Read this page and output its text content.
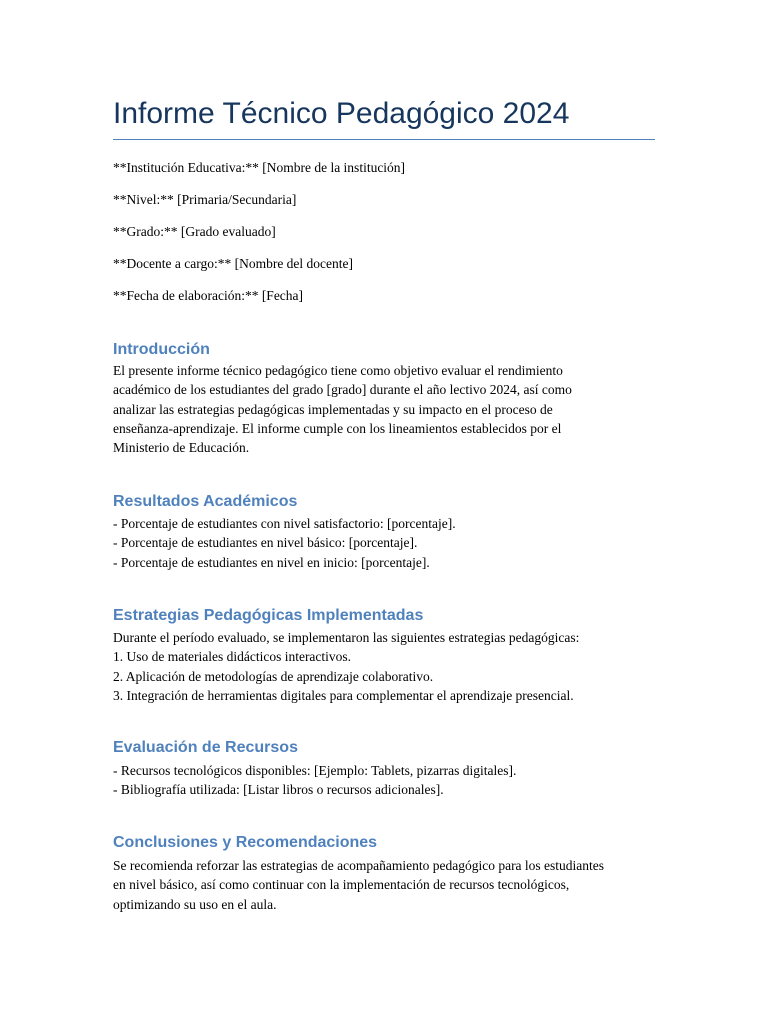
Informe Técnico Pedagógico 2024

**Institución Educativa:** [Nombre de la institución]

**Nivel:** [Primaria/Secundaria]

**Grado:** [Grado evaluado]

**Docente a cargo:** [Nombre del docente]

**Fecha de elaboración:** [Fecha]

Introducción
El presente informe técnico pedagógico tiene como objetivo evaluar el rendimiento
académico de los estudiantes del grado [grado] durante el año lectivo 2024, así como
analizar las estrategias pedagógicas implementadas y su impacto en el proceso de
enseñanza-aprendizaje. El informe cumple con los lineamientos establecidos por el
Ministerio de Educación.
Resultados Académicos
- Porcentaje de estudiantes con nivel satisfactorio: [porcentaje].
- Porcentaje de estudiantes en nivel básico: [porcentaje].
- Porcentaje de estudiantes en nivel en inicio: [porcentaje].
Estrategias Pedagógicas Implementadas
Durante el período evaluado, se implementaron las siguientes estrategias pedagógicas:
1. Uso de materiales didácticos interactivos.
2. Aplicación de metodologías de aprendizaje colaborativo.
3. Integración de herramientas digitales para complementar el aprendizaje presencial.
Evaluación de Recursos
- Recursos tecnológicos disponibles: [Ejemplo: Tablets, pizarras digitales].
- Bibliografía utilizada: [Listar libros o recursos adicionales].
Conclusiones y Recomendaciones
Se recomienda reforzar las estrategias de acompañamiento pedagógico para los estudiantes
en nivel básico, así como continuar con la implementación de recursos tecnológicos,
optimizando su uso en el aula.
